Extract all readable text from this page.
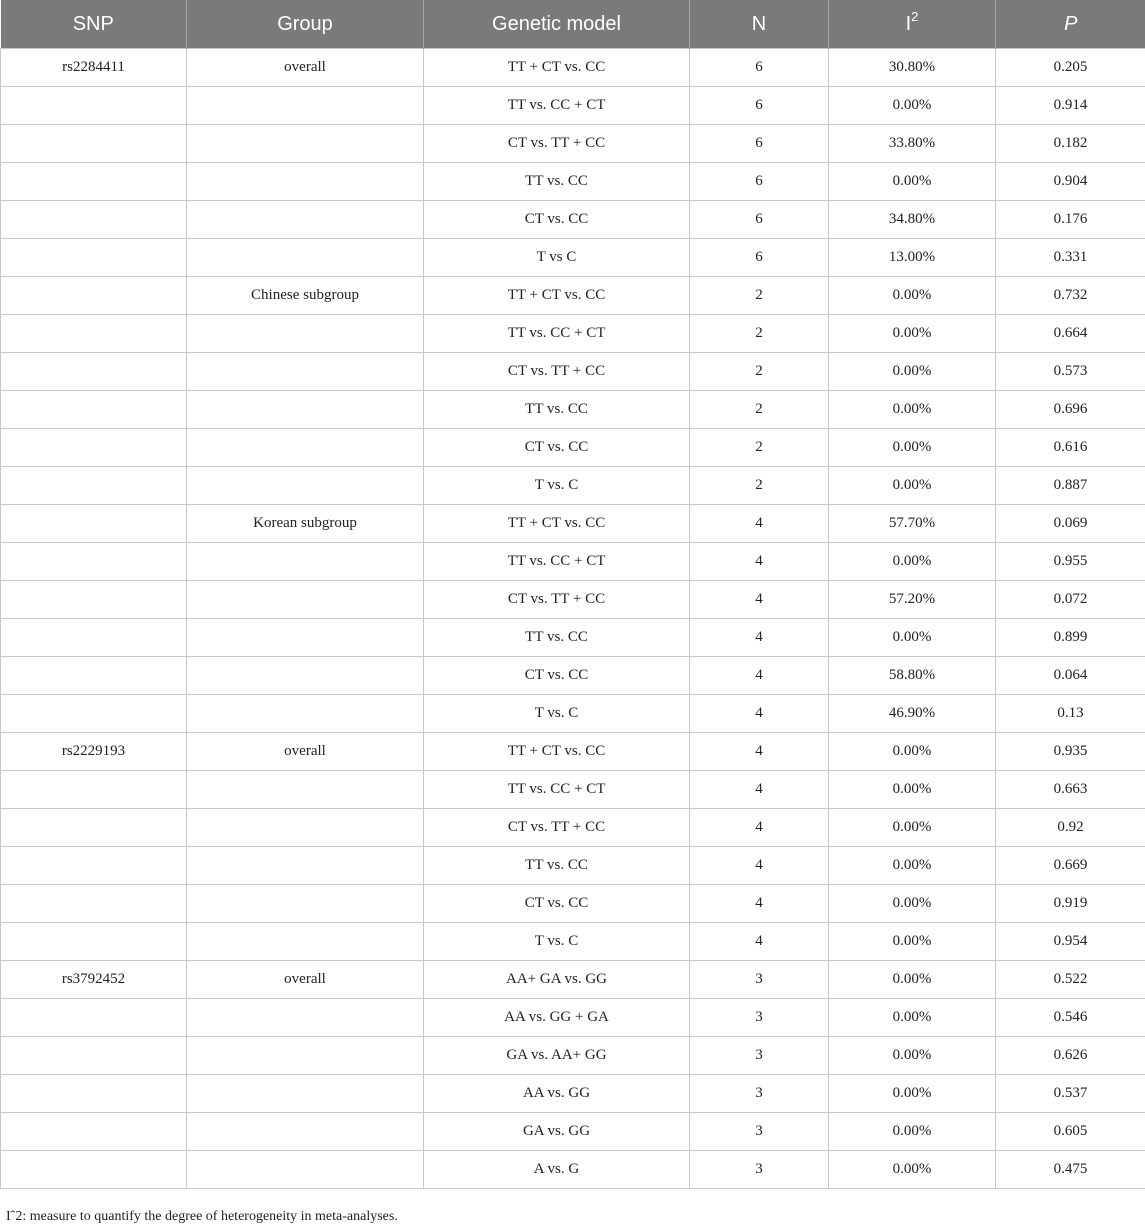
SNP	Group	Genetic model	N	$I^2$	P
rs2284411	overall	TT + CT vs. CC	6	30.80%	0.205
		TT vs. CC + CT	6	0.00%	0.914
		CT vs. TT + CC	6	33.80%	0.182
		TT vs. CC	6	0.00%	0.904
		CT vs. CC	6	34.80%	0.176
		T vs C	6	13.00%	0.331
	Chinese subgroup	TT + CT vs. CC	2	0.00%	0.732
		TT vs. CC + CT	2	0.00%	0.664
		CT vs. TT + CC	2	0.00%	0.573
		TT vs. CC	2	0.00%	0.696
		CT vs. CC	2	0.00%	0.616
		T vs. C	2	0.00%	0.887
	Korean subgroup	TT + CT vs. CC	4	57.70%	0.069
		TT vs. CC + CT	4	0.00%	0.955
		CT vs. TT + CC	4	57.20%	0.072
		TT vs. CC	4	0.00%	0.899
		CT vs. CC	4	58.80%	0.064
		T vs. C	4	46.90%	0.13
rs2229193	overall	TT + CT vs. CC	4	0.00%	0.935
		TT vs. CC + CT	4	0.00%	0.663
		CT vs. TT + CC	4	0.00%	0.92
		TT vs. CC	4	0.00%	0.669
		CT vs. CC	4	0.00%	0.919
		T vs. C	4	0.00%	0.954
rs3792452	overall	AA+ GA vs. GG	3	0.00%	0.522
		AA vs. GG + GA	3	0.00%	0.546
		GA vs. AA+ GG	3	0.00%	0.626
		AA vs. GG	3	0.00%	0.537
		GA vs. GG	3	0.00%	0.605
		A vs. G	3	0.00%	0.475
Iˆ2: measure to quantify the degree of heterogeneity in meta-analyses.
